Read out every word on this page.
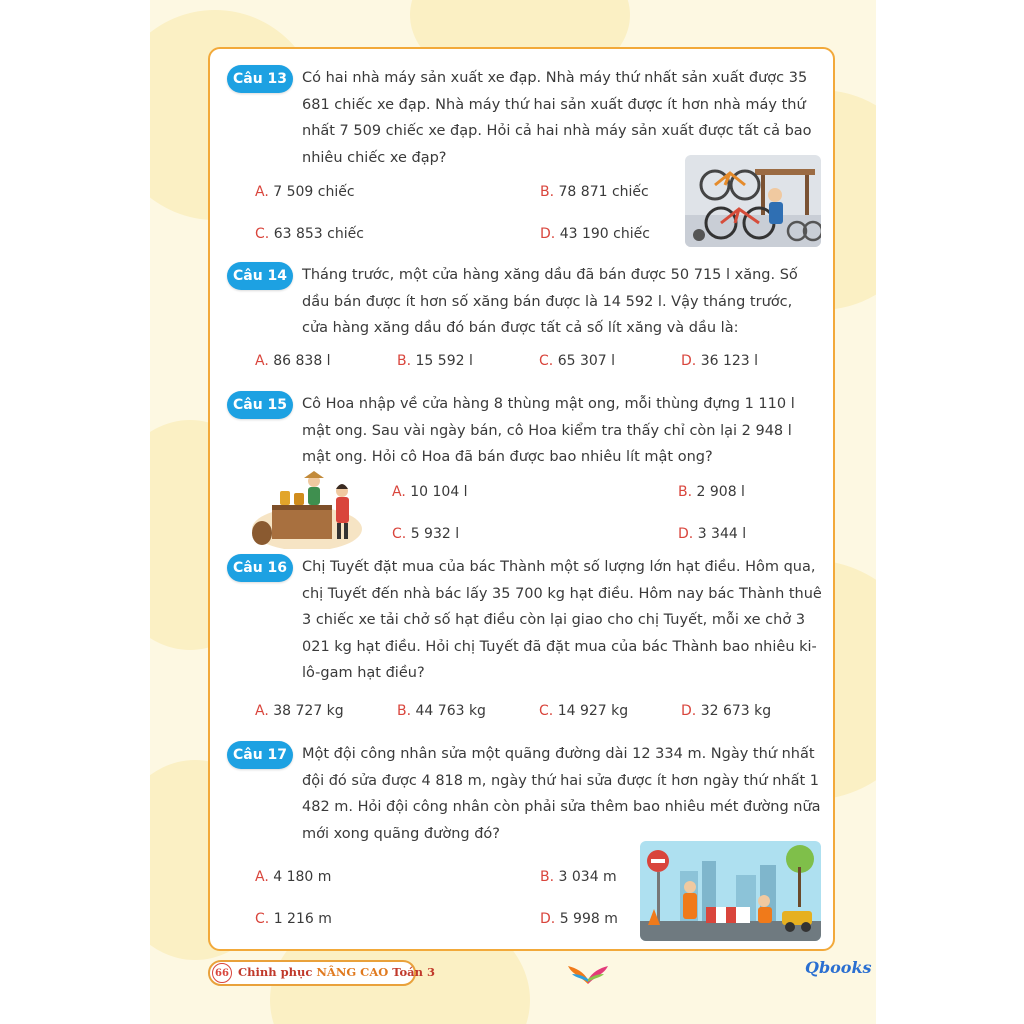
Câu 13	Có hai nhà máy sản xuất xe đạp. Nhà máy thứ nhất sản xuất được 35 681 chiếc xe đạp. Nhà máy thứ hai sản xuất được ít hơn nhà máy thứ nhất 7 509 chiếc xe đạp. Hỏi cả hai nhà máy sản xuất được tất cả bao nhiêu chiếc xe đạp?

A. 7 509 chiếc	B. 78 871 chiếc
C. 63 853 chiếc	D. 43 190 chiếc
Câu 14	Tháng trước, một cửa hàng xăng dầu đã bán được 50 715 l xăng. Số dầu bán được ít hơn số xăng bán được là 14 592 l. Vậy tháng trước, cửa hàng xăng dầu đó bán được tất cả số lít xăng và dầu là:

A. 86 838 l	B. 15 592 l	C. 65 307 l	D. 36 123 l
Câu 15	Cô Hoa nhập về cửa hàng 8 thùng mật ong, mỗi thùng đựng 1 110 l mật ong. Sau vài ngày bán, cô Hoa kiểm tra thấy chỉ còn lại 2 948 l mật ong. Hỏi cô Hoa đã bán được bao nhiêu lít mật ong?

A. 10 104 l	B. 2 908 l
C. 5 932 l	D. 3 344 l
Câu 16	Chị Tuyết đặt mua của bác Thành một số lượng lớn hạt điều. Hôm qua, chị Tuyết đến nhà bác lấy 35 700 kg hạt điều. Hôm nay bác Thành thuê 3 chiếc xe tải chở số hạt điều còn lại giao cho chị Tuyết, mỗi xe chở 3 021 kg hạt điều. Hỏi chị Tuyết đã đặt mua của bác Thành bao nhiêu ki-lô-gam hạt điều?

A. 38 727 kg	B. 44 763 kg	C. 14 927 kg	D. 32 673 kg
Câu 17	Một đội công nhân sửa một quãng đường dài 12 334 m. Ngày thứ nhất đội đó sửa được 4 818 m, ngày thứ hai sửa được ít hơn ngày thứ nhất 1 482 m. Hỏi đội công nhân còn phải sửa thêm bao nhiêu mét đường nữa mới xong quãng đường đó?

A. 4 180 m	B. 3 034 m
C. 1 216 m	D. 5 998 m
66 Chinh phục NÂNG CAO Toán 3	Qbooks
